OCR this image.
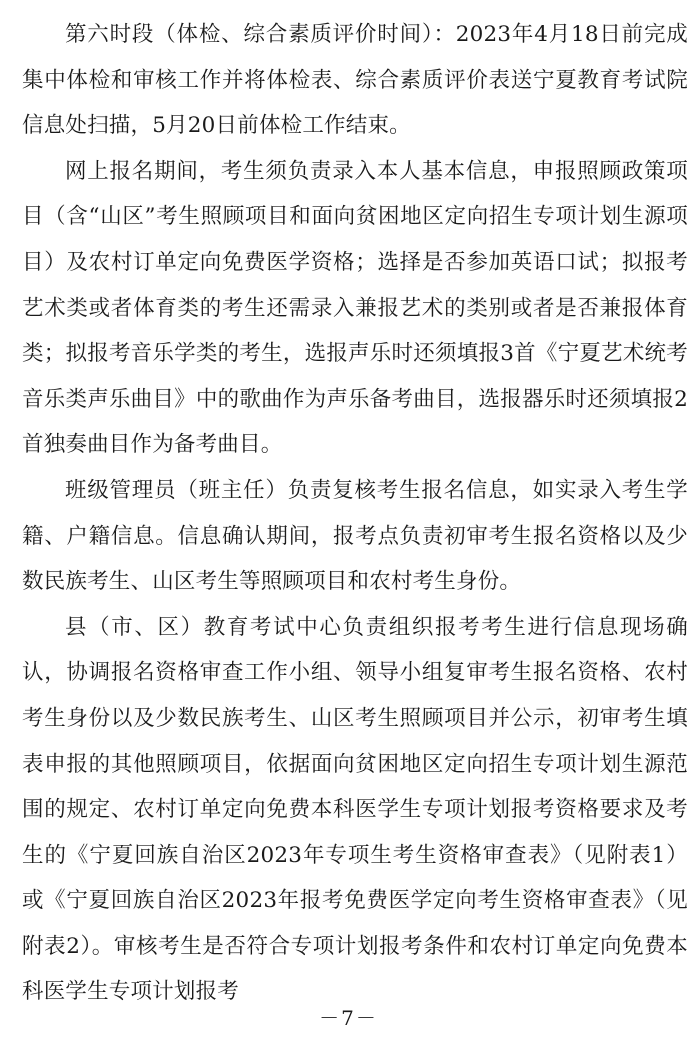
第六时段（体检、综合素质评价时间）：2023年4月18日前完成集中体检和审核工作并将体检表、综合素质评价表送宁夏教育考试院信息处扫描，5月20日前体检工作结束。

网上报名期间，考生须负责录入本人基本信息，申报照顾政策项目（含“山区”考生照顾项目和面向贫困地区定向招生专项计划生源项目）及农村订单定向免费医学资格；选择是否参加英语口试；拟报考艺术类或者体育类的考生还需录入兼报艺术的类别或者是否兼报体育类；拟报考音乐学类的考生，选报声乐时还须填报3首《宁夏艺术统考音乐类声乐曲目》中的歌曲作为声乐备考曲目，选报器乐时还须填报2首独奏曲目作为备考曲目。

班级管理员（班主任）负责复核考生报名信息，如实录入考生学籍、户籍信息。信息确认期间，报考点负责初审考生报名资格以及少数民族考生、山区考生等照顾项目和农村考生身份。

县（市、区）教育考试中心负责组织报考考生进行信息现场确认，协调报名资格审查工作小组、领导小组复审考生报名资格、农村考生身份以及少数民族考生、山区考生照顾项目并公示，初审考生填表申报的其他照顾项目，依据面向贫困地区定向招生专项计划生源范围的规定、农村订单定向免费本科医学生专项计划报考资格要求及考生的《宁夏回族自治区2023年专项生考生资格审查表》（见附表1）或《宁夏回族自治区2023年报考免费医学定向考生资格审查表》（见附表2）。审核考生是否符合专项计划报考条件和农村订单定向免费本科医学生专项计划报考

－7－
